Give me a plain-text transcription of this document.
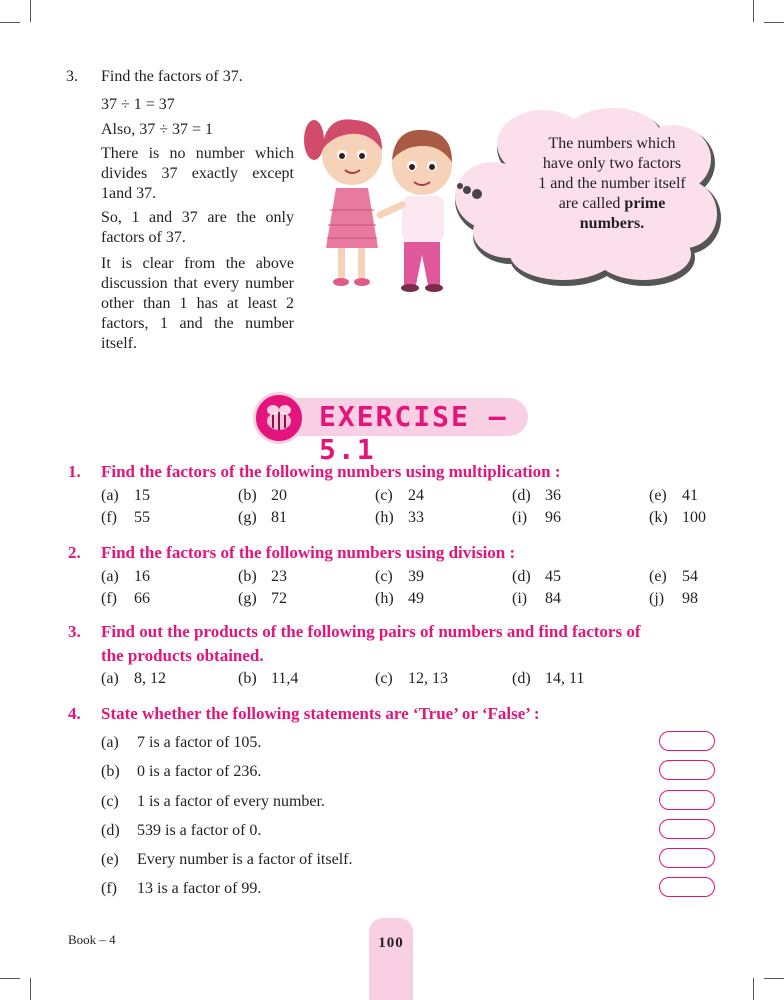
3. Find the factors of 37.
37 ÷ 1 = 37
Also, 37 ÷ 37 = 1

There is no number which divides 37 exactly except 1and 37.

So, 1 and 37 are the only factors of 37.

It is clear from the above discussion that every number other than 1 has at least 2 factors, 1 and the number itself.

The numbers which have only two factors 1 and the number itself are called prime numbers.
EXERCISE – 5.1
1. Find the factors of the following numbers using multiplication :
(a) 15	(b) 20	(c) 24	(d) 36	(e) 41
(f)	55	(g) 81	(h) 33	(i)	96	(k) 100
2. Find the factors of the following numbers using division :
(a) 16	(b) 23	(c) 39	(d) 45	(e) 54
(f)	66	(g) 72	(h) 49	(i)	84	(j)	98
3. Find out the products of the following pairs of numbers and find factors of
the products obtained.
(a) 8, 12	(b) 11,4	(c) 12, 13	(d) 14, 11
4. State whether the following statements are ‘True’ or ‘False’ :
(a)	7 is a factor of 105.
(b)	0 is a factor of 236.
(c)	1 is a factor of every number.
(d)	539 is a factor of 0.
(e)	Every number is a factor of itself.
(f)	13 is a factor of 99.
Book – 4	100
